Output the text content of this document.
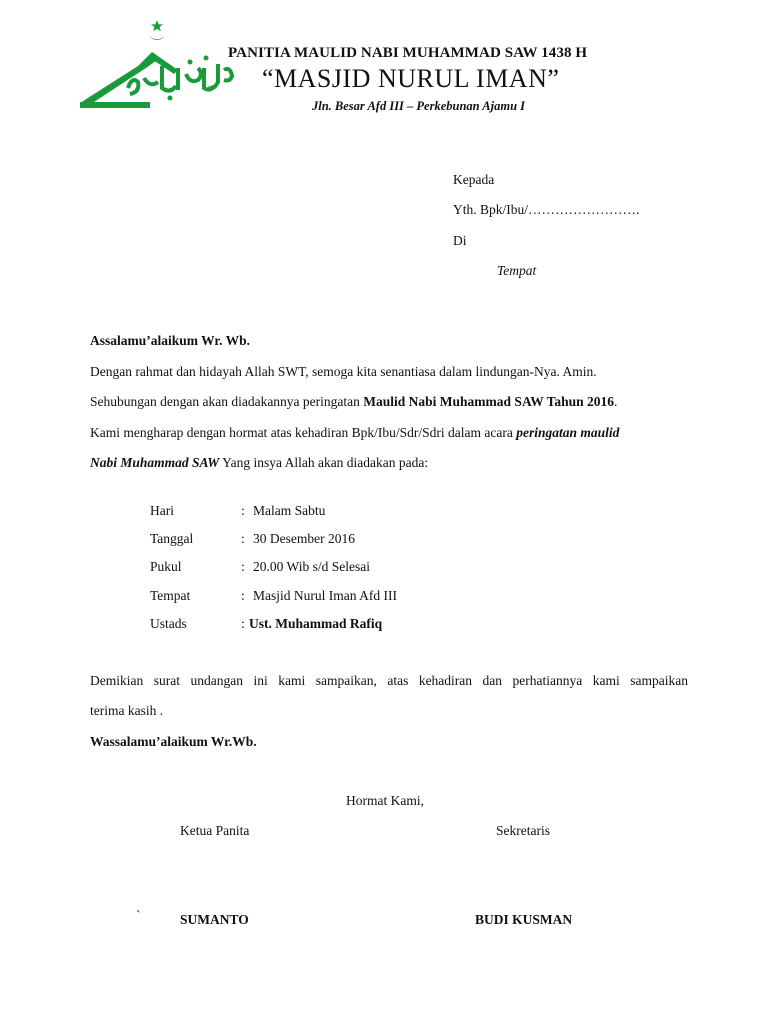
PANITIA MAULID NABI MUHAMMAD SAW 1438 H
“MASJID NURUL IMAN”
Jln. Besar Afd III – Perkebunan Ajamu I
Kepada
Yth. Bpk/Ibu/…………………….
Di
Tempat
Assalamu’alaikum Wr. Wb.
Dengan rahmat dan hidayah Allah SWT, semoga kita senantiasa dalam lindungan-Nya. Amin.
Sehubungan dengan akan diadakannya peringatan Maulid Nabi Muhammad SAW Tahun 2016.
Kami mengharap dengan hormat atas kehadiran Bpk/Ibu/Sdr/Sdri dalam acara peringatan maulid
Nabi Muhammad SAW Yang insya Allah akan diadakan pada:
Hari	: Malam Sabtu
Tanggal	: 30 Desember 2016
Pukul	: 20.00 Wib s/d Selesai
Tempat	: Masjid Nurul Iman Afd III
Ustads	: Ust. Muhammad Rafiq
Demikian surat undangan ini kami sampaikan, atas kehadiran dan perhatiannya kami sampaikan
terima kasih .
Wassalamu’alaikum Wr.Wb.
Hormat Kami,
Ketua Panita	Sekretaris
`	SUMANTO	BUDI KUSMAN
